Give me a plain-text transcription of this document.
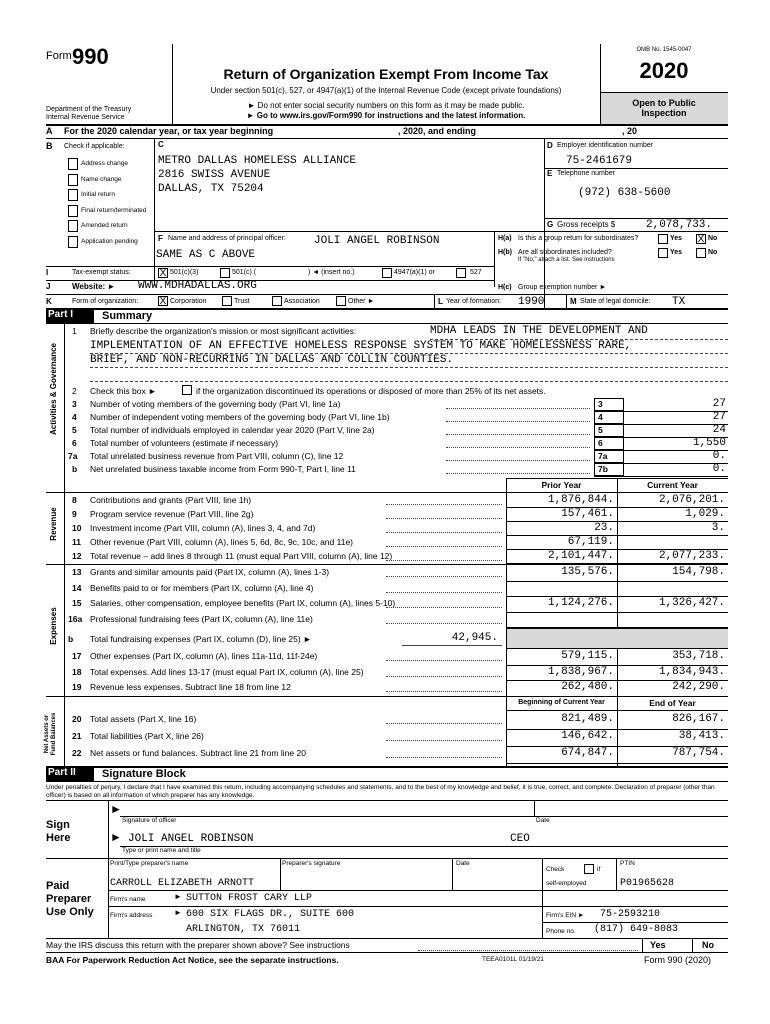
Form 990
Department of the Treasury
Internal Revenue Service
Return of Organization Exempt From Income Tax
Under section 501(c), 527, or 4947(a)(1) of the Internal Revenue Code (except private foundations)
► Do not enter social security numbers on this form as it may be made public.
► Go to www.irs.gov/Form990 for instructions and the latest information.
OMB No. 1545-0047
2020
Open to Public
Inspection
A For the 2020 calendar year, or tax year beginning	, 2020, and ending	, 20
B Check if applicable:
Address change
Name change
Initial return
Final return/terminated
Amended return
Application pending
C
METRO DALLAS HOMELESS ALLIANCE
2816 SWISS AVENUE
DALLAS, TX 75204
D Employer identification number
75-2461679
E Telephone number
(972) 638-5600
G Gross receipts $	2,078,733.
F Name and address of principal officer:	JOLI ANGEL ROBINSON
SAME AS C ABOVE
H(a) Is this a group return for subordinates?	Yes X No
H(b) Are all subordinates included?
If "No," attach a list. See instructions
Yes	No
I	Tax-exempt status:	X 501(c)(3)	501(c) (	) ◄ (insert no.)	4947(a)(1) or	527
J	Website: ► WWW.MDHADALLAS.ORG	H(c) Group exemption number ►
K	Form of organization: X Corporation	Trust	Association	Other ►	L Year of formation: 1990	M State of legal domicile: TX
Part I	Summary
Activities & Governance
1 Briefly describe the organization's mission or most significant activities:	MDHA LEADS IN THE DEVELOPMENT AND
IMPLEMENTATION OF AN EFFECTIVE HOMELESS RESPONSE SYSTEM TO MAKE HOMELESSNESS RARE,
BRIEF, AND NON-RECURRING IN DALLAS AND COLLIN COUNTIES.
2 Check this box ►	if the organization discontinued its operations or disposed of more than 25% of its net assets.
3 Number of voting members of the governing body (Part VI, line 1a)	3	27
4 Number of independent voting members of the governing body (Part VI, line 1b)	4	27
5 Total number of individuals employed in calendar year 2020 (Part V, line 2a)	5	24
6 Total number of volunteers (estimate if necessary)	6	1,550
7a Total unrelated business revenue from Part VIII, column (C), line 12	7a	0.
b Net unrelated business taxable income from Form 990-T, Part I, line 11	7b	0.
Prior Year	Current Year
Revenue
8 Contributions and grants (Part VIII, line 1h)	1,876,844.	2,076,201.
9 Program service revenue (Part VIII, line 2g)	157,461.	1,029.
10 Investment income (Part VIII, column (A), lines 3, 4, and 7d)	23.	3.
11 Other revenue (Part VIII, column (A), lines 5, 6d, 8c, 9c, 10c, and 11e)	67,119.
12 Total revenue – add lines 8 through 11 (must equal Part VIII, column (A), line 12)	2,101,447.	2,077,233.
Expenses
13 Grants and similar amounts paid (Part IX, column (A), lines 1-3)	135,576.	154,798.
14 Benefits paid to or for members (Part IX, column (A), line 4)
15 Salaries, other compensation, employee benefits (Part IX, column (A), lines 5-10)	1,124,276.	1,326,427.
16a Professional fundraising fees (Part IX, column (A), line 11e)
b Total fundraising expenses (Part IX, column (D), line 25) ►	42,945.
17 Other expenses (Part IX, column (A), lines 11a-11d, 11f-24e)	579,115.	353,718.
18 Total expenses. Add lines 13-17 (must equal Part IX, column (A), line 25)	1,838,967.	1,834,943.
19 Revenue less expenses. Subtract line 18 from line 12	262,480.	242,290.
Beginning of Current Year	End of Year
Net Assets or Fund Balances	20 Total assets (Part X, line 16)	821,489.	826,167.
21 Total liabilities (Part X, line 26)	146,642.	38,413.
22 Net assets or fund balances. Subtract line 21 from line 20	674,847.	787,754.
Part II	Signature Block
Under penalties of perjury, I declare that I have examined this return, including accompanying schedules and statements, and to the best of my knowledge and belief, it is true, correct, and complete. Declaration of preparer (other than officer) is based on all information of which preparer has any knowledge.
Sign
Here
►
Signature of officer	Date
► JOLI ANGEL ROBINSON	CEO
Type or print name and title
Paid
Preparer
Use Only
Print/Type preparer's name	Preparer's signature	Date
Check	if
self-employed
PTIN
CARROLL ELIZABETH ARNOTT	P01965628
Firm's name	► SUTTON FROST CARY LLP
Firm's address	► 600 SIX FLAGS DR., SUITE 600
ARLINGTON, TX 76011
Firm's EIN ► 75-2593210
Phone no. (817) 649-8083
May the IRS discuss this return with the preparer shown above? See instructions	Yes	No
BAA For Paperwork Reduction Act Notice, see the separate instructions.	TEEA0101L 01/19/21	Form 990 (2020)
